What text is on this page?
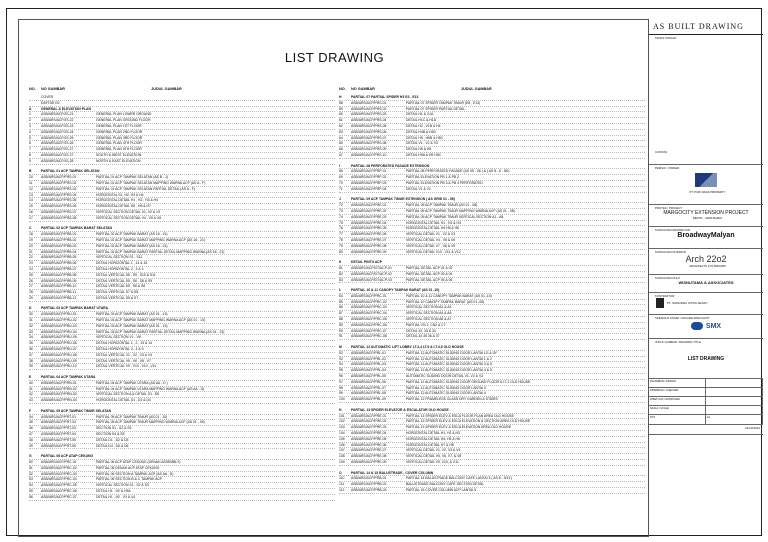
LIST DRAWING
NO.	NO GAMBAR	JUDUL GAMBAR	NO.	NO GAMBAR	JUDUL GAMBAR
COVER
DAFTAR ISI
A	GENERAL & ELEVATION PLAN
1	ASB/ARS/ACP/JS-21	GENERAL PLAN LOWER GROUND
2	ASB/ARS/ACP/JS-22	GENERAL PLAN GROUND FLOOR
3	ASB/ARS/ACP/JS-23	GENERAL PLAN 1ST FLOOR
4	ASB/ARS/ACP/JS-24	GENERAL PLAN 2ND FLOOR
5	ASB/ARS/ACP/JS-25	GENERAL PLAN 3RD FLOOR
6	ASB/ARS/ACP/JS-26	GENERAL PLAN 4TH FLOOR
7	ASB/ARS/ACP/JS-27	GENERAL PLAN 5TH FLOOR
8	ASB/ARS/ACP/JS-27	SOUTH & WEST ELEVATION
9	ASB/ARS/ACP/JS-28	NORTH & EAST ELEVATION
B	PARTIAL 01 ACP TAMPAK SELATAN
10	ASB/ARS/ACP/PRS-01	PARTIAL 01 ACP TAMPAK SELATAN (AS B - J)
11	ASB/ARS/ACP/PRS-02	PARTIAL 01 ACP TAMPAK SELATAN MAPPING WARNA ACP (AS A - F)
12	ASB/ARS/ACP/PRS-03	PARTIAL 01 ACP TAMPAK SELATAN PARTIAL DETAIL (AS A - F)
13	ASB/ARS/ACP/PRS-04	HORIZONTAL S1, H2, H3 & H4
14	ASB/ARS/ACP/PRS-05	HORIZONTAL DETAIL H1 , H2 , H3 & H4
15	ASB/ARS/ACP/PRS-06	HORIZONTAL DETAIL H5 , H6 & H7
16	ASB/ARS/ACP/PRS-07	VERTICAL SECTION DETAIL V1, V2 & V3
17	ASB/ARS/ACP/PRS-08	VERTICAL SECTION DETAIL V4 , V5 & V6
C	PARTIAL 02 ACP TAMPAK BARAT SELATAN
18	ASB/ARS/ACP/PRB-01	PARTIAL 02 ACP TAMPAK BARAT (AS 16 - 21)
19	ASB/ARS/ACP/PRB-02	PARTIAL 02 ACP TAMPAK BARAT MAPPING WARNA ACP (AS 16 - 21)
20	ASB/ARS/ACP/PRB-03	PARTIAL 02 ACP TAMPAK BARAT (AS 16 - 21)
21	ASB/ARS/ACP/PRB-04	PARTIAL 02 ACP TAMPAK BARAT PARTIAL DETAIL MAPPING WARNA (AS 16 - 21)
22	ASB/ARS/ACP/PRB-05	VERTICAL SECTION S1 - S11
23	ASB/ARS/ACP/PRB-06	DETAIL HORIZONTAL 1 , 14 & 15
24	ASB/ARS/ACP/PRB-07	DETAIL HORIZONTAL 2 , 3 & 4
25	ASB/ARS/ACP/PRB-08	DETAIL VERTICAL S8 , S9 , S10 & S11
26	ASB/ARS/ACP/PRB-09	DETAIL VERTICAL S5 , S6 , S8 & S9
27	ASB/ARS/ACP/PRB-10	DETAIL VERTICAL S5 , S6 & S8
28	ASB/ARS/ACP/PRB-11	DETAIL VERTICAL S7 & S8
29	ASB/ARS/ACP/PRB-12	DETAIL VERTICAL S5 & S7
D	PARTIAL 03 ACP TAMPAK BARAT UTARA
30	ASB/ARS/ACP/PRU-01	PARTIAL 03 ACP TAMPAK BARAT (AS 01 - 13)
31	ASB/ARS/ACP/PRU-02	PARTIAL 03 ACP TAMPAK BARAT MAPPING WARNA ACP (AS 01 - 13)
32	ASB/ARS/ACP/PRU-03	PARTIAL 03 ACP TAMPAK BARAT (AS 01 - 13)
33	ASB/ARS/ACP/PRU-04	PARTIAL 03 ACP TAMPAK BARAT PARTIAL DETAIL MAPPING WARNA (AS 01 - 13)
34	ASB/ARS/ACP/PRU-05	VERTICAL SECTION V1 - V8
35	ASB/ARS/ACP/PRU-06	DETAIL HORIZONTAL 1 , 2 , 13 & 14
36	ASB/ARS/ACP/PRU-07	DETAIL HORIZONTAL 3 , 4 & 5
37	ASB/ARS/ACP/PRU-08	DETAIL VERTICAL V1 , V2 , V3 & V4
38	ASB/ARS/ACP/PRU-09	DETAIL VERTICAL V5 , V6 , V8 , V7
39	ASB/ARS/ACP/PRU-10	DETAIL VERTICAL V9 , V10 , V10 , V11
E	PARTIAL 04 ACP TAMPAK UTARA
40	ASB/ARS/ACP/PRN-01	PARTIAL 04 ACP TAMPAK UTARA (AS AA - D )
41	ASB/ARS/ACP/PRN-02	PARTIAL 04 ACP TAMPAK UTARA MAPPING WARNA ACP (AS AA - D)
42	ASB/ARS/ACP/PRN-03	VERTICAL SECTION A & DETAIL S1 , S8
43	ASB/ARS/ACP/PRN-04	HORIZONTAL DETAIL D1 , D2 & D4
F	PARTIAL 05 ACP TAMPAK TIMUR SELATAN
44	ASB/ARS/ACP/PRT-01	PARTIAL 05 ACP TAMPAK TIMUR (AS 01 - 10)
45	ASB/ARS/ACP/PRT-02	PARTIAL 05 ACP TAMPAK TIMUR MAPPING WARNA ACP (AS 01 - 09)
46	ASB/ARS/ACP/PRT-03	SECTION S1 , S2 & S3
47	ASB/ARS/ACP/PRT-04	SECTION S4 & S5
48	ASB/ARS/ACP/PRT-05	DETAIL D1 , D2 & D3
49	ASB/ARS/ACP/PRT-06	DETAIL D4 , D5 & D6
G	PARTIAL 06 ACP ATAP CEKUNG
50	ASB/ARS/ACP/PRC-01	PARTIAL 06 ACP ATAP CEKUNG (DENAH ASSEMBLY)
51	ASB/ARS/ACP/PRC-02	PARTIAL 06 DENAH ACP ATAP CEKUNG
52	ASB/ARS/ACP/PRC-03	PARTIAL 06 SECTION A TAMPAK ACP (AS AA , D)
53	ASB/ARS/ACP/PRC-04	PARTIAL 06 SECTION B & C TAMPAK ACP
54	ASB/ARS/ACP/PRC-05	VERTICAL SECTION S1 , S2 & S3
55	ASB/ARS/ACP/PRC-06	DETAIL H1 , H2 & H3A
56	ASB/ARS/ACP/PRC-07	DETAIL H1 , H2 , V3 & V4
H	PARTIAL 07 PARTIAL SPIDER H3 E3 - E13
58	ASB/ARS/ACP/PRS-01	PARTIAL 07 SPIDER TAMPAK TIMUR (E8 , E13)
59	ASB/ARS/ACP/PRS-02	PARTIAL 07 SPIDER PARTIAL DETAIL
60	ASB/ARS/ACP/PRS-03	DETAIL H1 & V1A
61	ASB/ARS/ACP/PRS-04	DETAIL H1C & H1D
62	ASB/ARS/ACP/PRS-05	DETAIL H2 , V1B & H4
63	ASB/ARS/ACP/PRS-06	DETAIL H4B & H4D
64	ASB/ARS/ACP/PRS-07	DETAIL H5 , H5B & H5C
65	ASB/ARS/ACP/PRS-08	DETAIL V1 , V2 & V3
66	ASB/ARS/ACP/PRS-09	DETAIL H6 & H5
67	ASB/ARS/ACP/PRS-10	DETAIL H9A & H9 H9C
I	PARTIAL 08 PERFORATED FASADE EXTENSION
68	ASB/ARS/ACP/PRP-01	PARTIAL 08 PERFORATED FASADE (AS 05 - 06 ) & ( AS 8 - 6 - 8D)
69	ASB/ARS/ACP/PRP-02	PARTIAL ELEVATION PB 1 & PB 2
70	ASB/ARS/ACP/PRP-03	PARTIAL ELEVATION PB 3 & PB 4 PERFORATED
71	ASB/ARS/ACP/PRP-04	DETAIL V1 & V1
J	PARTIAL 09 ACP TAMPAK TIMUR EXTENSION ( AS GRID 01 - 08)
72	ASB/ARS/ACP/PRE-01	PARTIAL 09 ACP TAMPAK TIMUR (AS 01 - 08)
73	ASB/ARS/ACP/PRE-02	PARTIAL 09 ACP TAMPAK TIMUR MAPPING WARNA ACP (AS 01 - 08)
74	ASB/ARS/ACP/PRE-03	PARTIAL 09 ACP TAMPAK TIMUR VERTICAL SECTION A1 - A8
75	ASB/ARS/ACP/PRE-04	HORIZONTAL DETAIL H1 , H2 & H3
76	ASB/ARS/ACP/PRE-05	HORIZONTAL DETAIL H4 H5 & H6
77	ASB/ARS/ACP/PRE-06	VERTICAL DETAIL V1 , V2 & V3
78	ASB/ARS/ACP/PRE-07	VERTICAL DETAIL V4 , V5 & V6
79	ASB/ARS/ACP/PRE-08	VERTICAL DETAIL V7 , V8 & V9
80	ASB/ARS/ACP/PRE-09	VERTICAL DETAIL V10 , V11 & V12
K	DETAIL PINTU ACP
81	ASB/ARS/ACP/DT/ACP-01	PARTIAL DETAIL ACP 01 & 02
82	ASB/ARS/ACP/DT/ACP-02	PARTIAL DETAIL ACP 03 & 04
83	ASB/ARS/ACP/DT/ACP-03	PARTIAL DETAIL ACP 05 & 06
L	PARTIAL 10 & 11 CANOPY TAMPAK BARAT (AS 01 -10)
84	ASB/ARS/ACP/PRC-01	PARTIAL 10 & 11 CANOPY TAMPAK BARAT (AS 01 -10)
85	ASB/ARS/ACP/PRC-02	PARTIAL 10 CANOPY TAMPAK BARAT (AS 01 -08)
86	ASB/ARS/ACP/PRC-03	VERTICAL SECTION A2 & A3
87	ASB/ARS/ACP/PRC-04	VERTICAL SECTION A4 & A5
88	ASB/ARS/ACP/PRC-05	VERTICAL SECTION A6 & A7
89	ASB/ARS/ACP/PRC-06	PARTIAL CN 1, CN2 & C7
90	ASB/ARS/ACP/PRC-07	DETAIL 32, 33 & 34
91	ASB/ARS/ACP/PRC-08	DETAIL 34 35 36 & 37
M	PARTIAL 12 AUTOMATIC LIFT LOBBY LT.3,4 LT.5 & LT.4,5 OLD HOUSE
92	ASB/ARS/ACP/PRL-01	PARTIAL 12 AUTOMATIC SLIDING DOOR LANTAI LG & GF
93	ASB/ARS/ACP/PRL-02	PARTIAL 12 AUTOMATIC SLIDING DOOR LANTAI 1 & 2
94	ASB/ARS/ACP/PRL-03	PARTIAL 12 AUTOMATIC SLIDING DOOR LANTAI 3 & 5
95	ASB/ARS/ACP/PRL-04	PARTIAL 12 AUTOMATIC SLIDING DOOR LANTAI 4 & 5
96	ASB/ARS/ACP/PRL-05	AUTOMATIC SLIDING DOOR DETAIL V1, V2 & V3
97	ASB/ARS/ACP/PRL-06	PARTIAL 12 AUTOMATIC SLIDING DOOR GROUND FLOOR & LT.2 OLD HOUSE
98	ASB/ARS/ACP/PRL-07	PARTIAL 12 AUTOMATIC SLIDING DOOR LANTAI 3
99	ASB/ARS/ACP/PRL-08	PARTIAL 12 AUTOMATIC SLIDING DOOR LANTAI 4
100	ASB/ARS/ACP/PRL-09	PARTIAL 12 FRAMELESS GLASS DRY GARDEN & STAIRS
N	PARTIAL 13 SPIDER ELEVATOR & ESCALATOR OLD HOUSE
101	ASB/ARS/ACP/PRE-01	PARTIAL 13 SPIDER ELEV & ESCA FLOOR PLAN AREA OLD HOUSE
102	ASB/ARS/ACP/PRE-02	PARTIAL 13 SPIDER ELEV & ESCA ELEVATION & SECTION AREA OLD HOUSE
103	ASB/ARS/ACP/PRE-03	PARTIAL 13 SPIDER ELEV & ESCA ELEVATION AREA OLD HOUSE
104	ASB/ARS/ACP/PRE-04	HORIZONTAL DETAIL H1, H2 & H3
105	ASB/ARS/ACP/PRE-05	HORIZONTAL DETAIL H4, H5 & H6
106	ASB/ARS/ACP/PRE-06	HORIZONTAL DETAIL H7 & H8
107	ASB/ARS/ACP/PRE-07	VERTICAL DETAIL V1, V2, V3 & V4
108	ASB/ARS/ACP/PRE-08	VERTICAL DETAIL V5, V6, V7, & V8
109	ASB/ARS/ACP/PRE-09	VERTICAL DETAIL V9, V10, & V11
O	PARTIAL 14 & 15 BALUSTRADE , COVER COLUMN
110	ASB/ARS/ACP/PRB-01	PARTIAL 14 BALUSTRADE BALCONY CAFE LANTAI 3 ( AS 8 - 9/13 )
111	ASB/ARS/ACP/PRB-02	BALUSTRADE BALCONY CAFE SECTION DETAIL
112	ASB/ARS/ACP/PRB-03	PARTIAL 15 COVER COLUMN ACP LANTAI 5
AS BUILT DRAWING
TANDA TANGAN
CATATAN
PEMILIK / OWNER
PT. PURI DANA PROPERTY
PROYEK / PROJECT
MARGOCITY EXTENSION PROJECT
DEPOK - JAWA BARAT
KONSULTAN ARSITEKTUR
BroadwayMalyan
KONSULTAN INTERIOR
Arch 22o2
ARCHITECTS & INTERIORS
KONSULTAN M.E.P
WISNUTAMA & ASSOCIATES
KONTRAKTOR
PT. SAMUDRA CITRA SEJATI
SPESIALIS FASAD / FACADE SPECIALIST
SMX
JUDUL GAMBAR / DRAWING TITLE
LIST DRAWING
DIGAMBAR / DRAWN
DIPERIKSA / CHECKED
DISETUJUI / APPROVED
SKALA / SCALE
NTS	A1
21/12/2021
